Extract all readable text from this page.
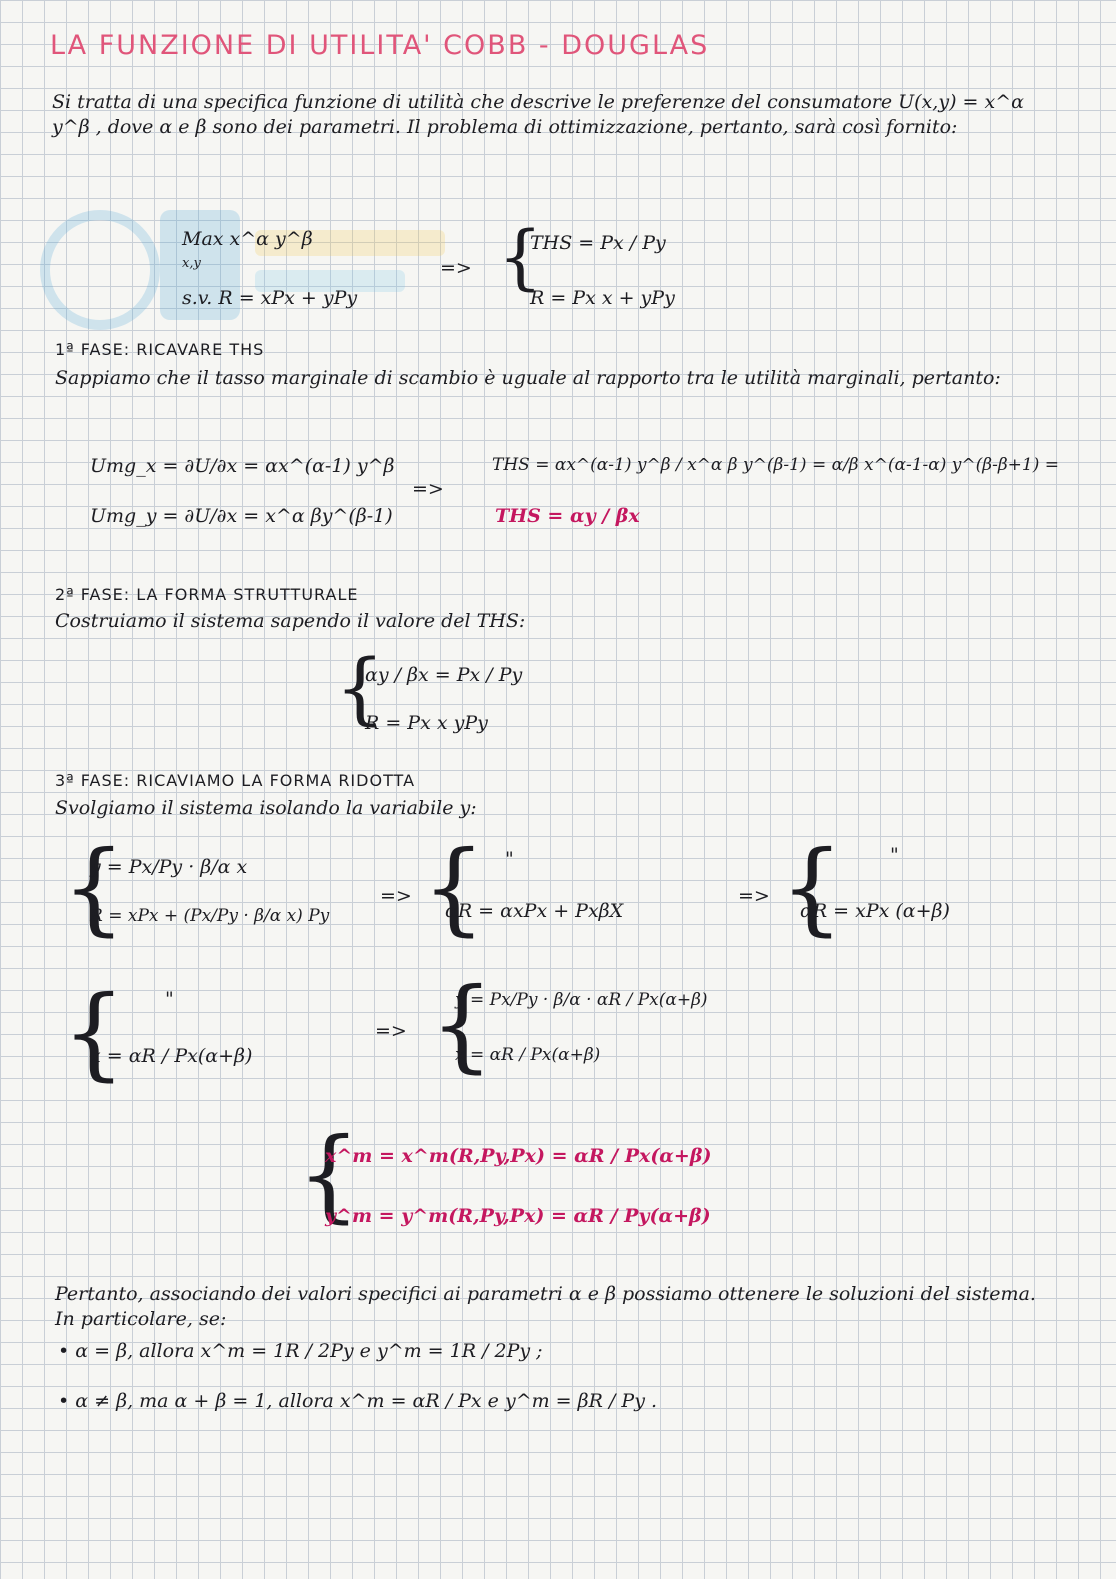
LA FUNZIONE DI UTILITA' COBB - DOUGLAS
Si tratta di una specifica funzione di utilità che descrive le preferenze del consumatore U(x,y) = x^α y^β , dove α e β sono dei parametri. Il problema di ottimizzazione, pertanto, sarà così fornito:
Max x^α y^β
x,y
s.v. R = xPx + yPy
=> {
THS = Px / Py
R = Px x + yPy
1ª FASE: RICAVARE THS
Sappiamo che il tasso marginale di scambio è uguale al rapporto tra le utilità marginali, pertanto:
Umg_x = ∂U/∂x = αx^(α-1) y^β
Umg_y = ∂U/∂x = x^α βy^(β-1)
=>
THS = αx^(α-1) y^β / x^α β y^(β-1) = α/β x^(α-1-α) y^(β-β+1) =
THS = αy / βx
2ª FASE: LA FORMA STRUTTURALE
Costruiamo il sistema sapendo il valore del THS:
{
αy / βx = Px / Py
R = Px x yPy
3ª FASE: RICAVIAMO LA FORMA RIDOTTA
Svolgiamo il sistema isolando la variabile y:
{
y = Px/Py · β/α x
R = xPx + (Px/Py · β/α x) Py
=> { "
αR = αxPx + PxβX
=> { "
αR = xPx (α+β)
{ "
x = αR / Px(α+β)
=> {
y = Px/Py · β/α · αR / Px(α+β)
x = αR / Px(α+β)
{
x^m = x^m(R,Py,Px) = αR / Px(α+β)
y^m = y^m(R,Py,Px) = αR / Py(α+β)
Pertanto, associando dei valori specifici ai parametri α e β possiamo ottenere le soluzioni del sistema. In particolare, se:
• α = β, allora x^m = 1R / 2Py e y^m = 1R / 2Py ;
• α ≠ β, ma α + β = 1, allora x^m = αR / Px e y^m = βR / Py .
